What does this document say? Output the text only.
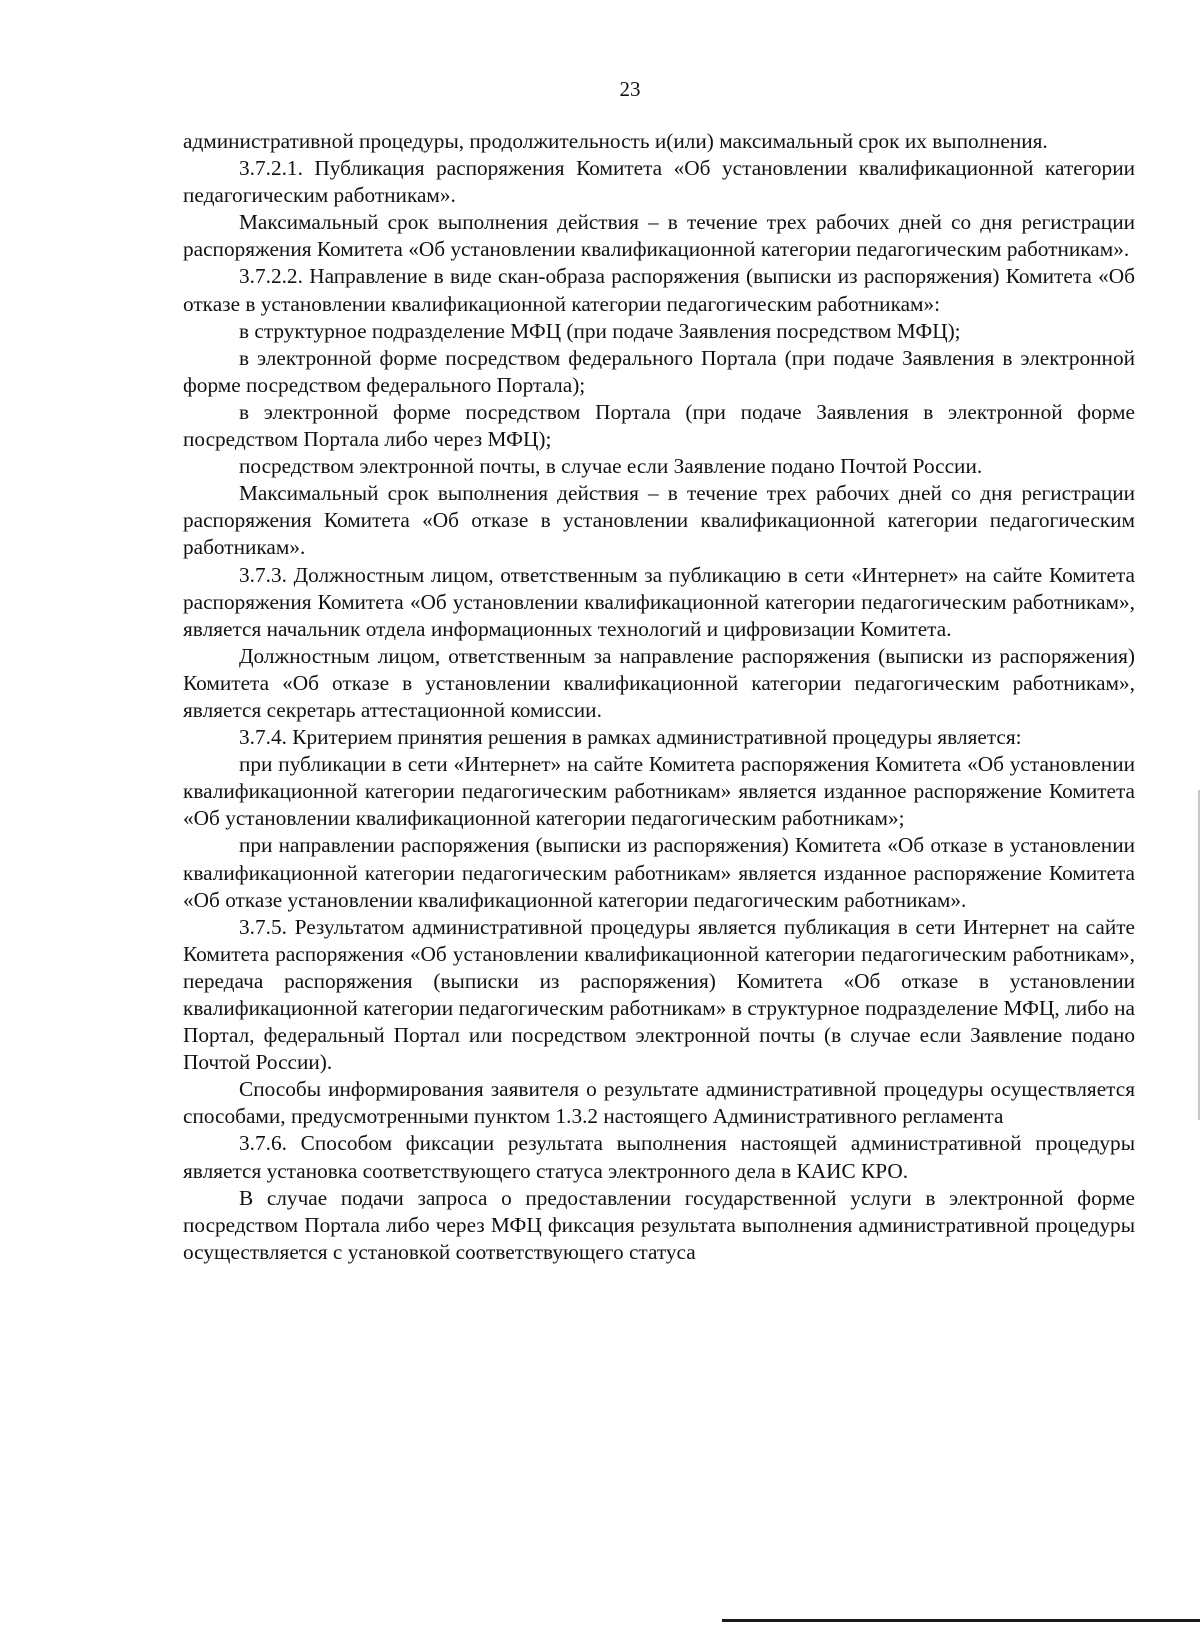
23

административной процедуры, продолжительность и(или) максимальный срок их выполнения.

3.7.2.1. Публикация распоряжения Комитета «Об установлении квалификационной категории педагогическим работникам».

Максимальный срок выполнения действия – в течение трех рабочих дней со дня регистрации распоряжения Комитета «Об установлении квалификационной категории педагогическим работникам».

3.7.2.2. Направление в виде скан-образа распоряжения (выписки из распоряжения) Комитета «Об отказе в установлении квалификационной категории педагогическим работникам»:

в структурное подразделение МФЦ (при подаче Заявления посредством МФЦ);

в электронной форме посредством федерального Портала (при подаче Заявления в электронной форме посредством федерального Портала);

в электронной форме посредством Портала (при подаче Заявления в электронной форме посредством Портала либо через МФЦ);

посредством электронной почты, в случае если Заявление подано Почтой России.

Максимальный срок выполнения действия – в течение трех рабочих дней со дня регистрации распоряжения Комитета «Об отказе в установлении квалификационной категории педагогическим работникам».

3.7.3. Должностным лицом, ответственным за публикацию в сети «Интернет» на сайте Комитета распоряжения Комитета «Об установлении квалификационной категории педагогическим работникам», является начальник отдела информационных технологий и цифровизации Комитета.

Должностным лицом, ответственным за направление распоряжения (выписки из распоряжения) Комитета «Об отказе в установлении квалификационной категории педагогическим работникам», является секретарь аттестационной комиссии.

3.7.4. Критерием принятия решения в рамках административной процедуры является:

при публикации в сети «Интернет» на сайте Комитета распоряжения Комитета «Об установлении квалификационной категории педагогическим работникам» является изданное распоряжение Комитета «Об установлении квалификационной категории педагогическим работникам»;

при направлении распоряжения (выписки из распоряжения) Комитета «Об отказе в установлении квалификационной категории педагогическим работникам» является изданное распоряжение Комитета «Об отказе установлении квалификационной категории педагогическим работникам».

3.7.5. Результатом административной процедуры является публикация в сети Интернет на сайте Комитета распоряжения «Об установлении квалификационной категории педагогическим работникам», передача распоряжения (выписки из распоряжения) Комитета «Об отказе в установлении квалификационной категории педагогическим работникам» в структурное подразделение МФЦ, либо на Портал, федеральный Портал или посредством электронной почты (в случае если Заявление подано Почтой России).

Способы информирования заявителя о результате административной процедуры осуществляется способами, предусмотренными пунктом 1.3.2 настоящего Административного регламента

3.7.6. Способом фиксации результата выполнения настоящей административной процедуры является установка соответствующего статуса электронного дела в КАИС КРО.

В случае подачи запроса о предоставлении государственной услуги в электронной форме посредством Портала либо через МФЦ фиксация результата выполнения административной процедуры осуществляется с установкой соответствующего статуса
